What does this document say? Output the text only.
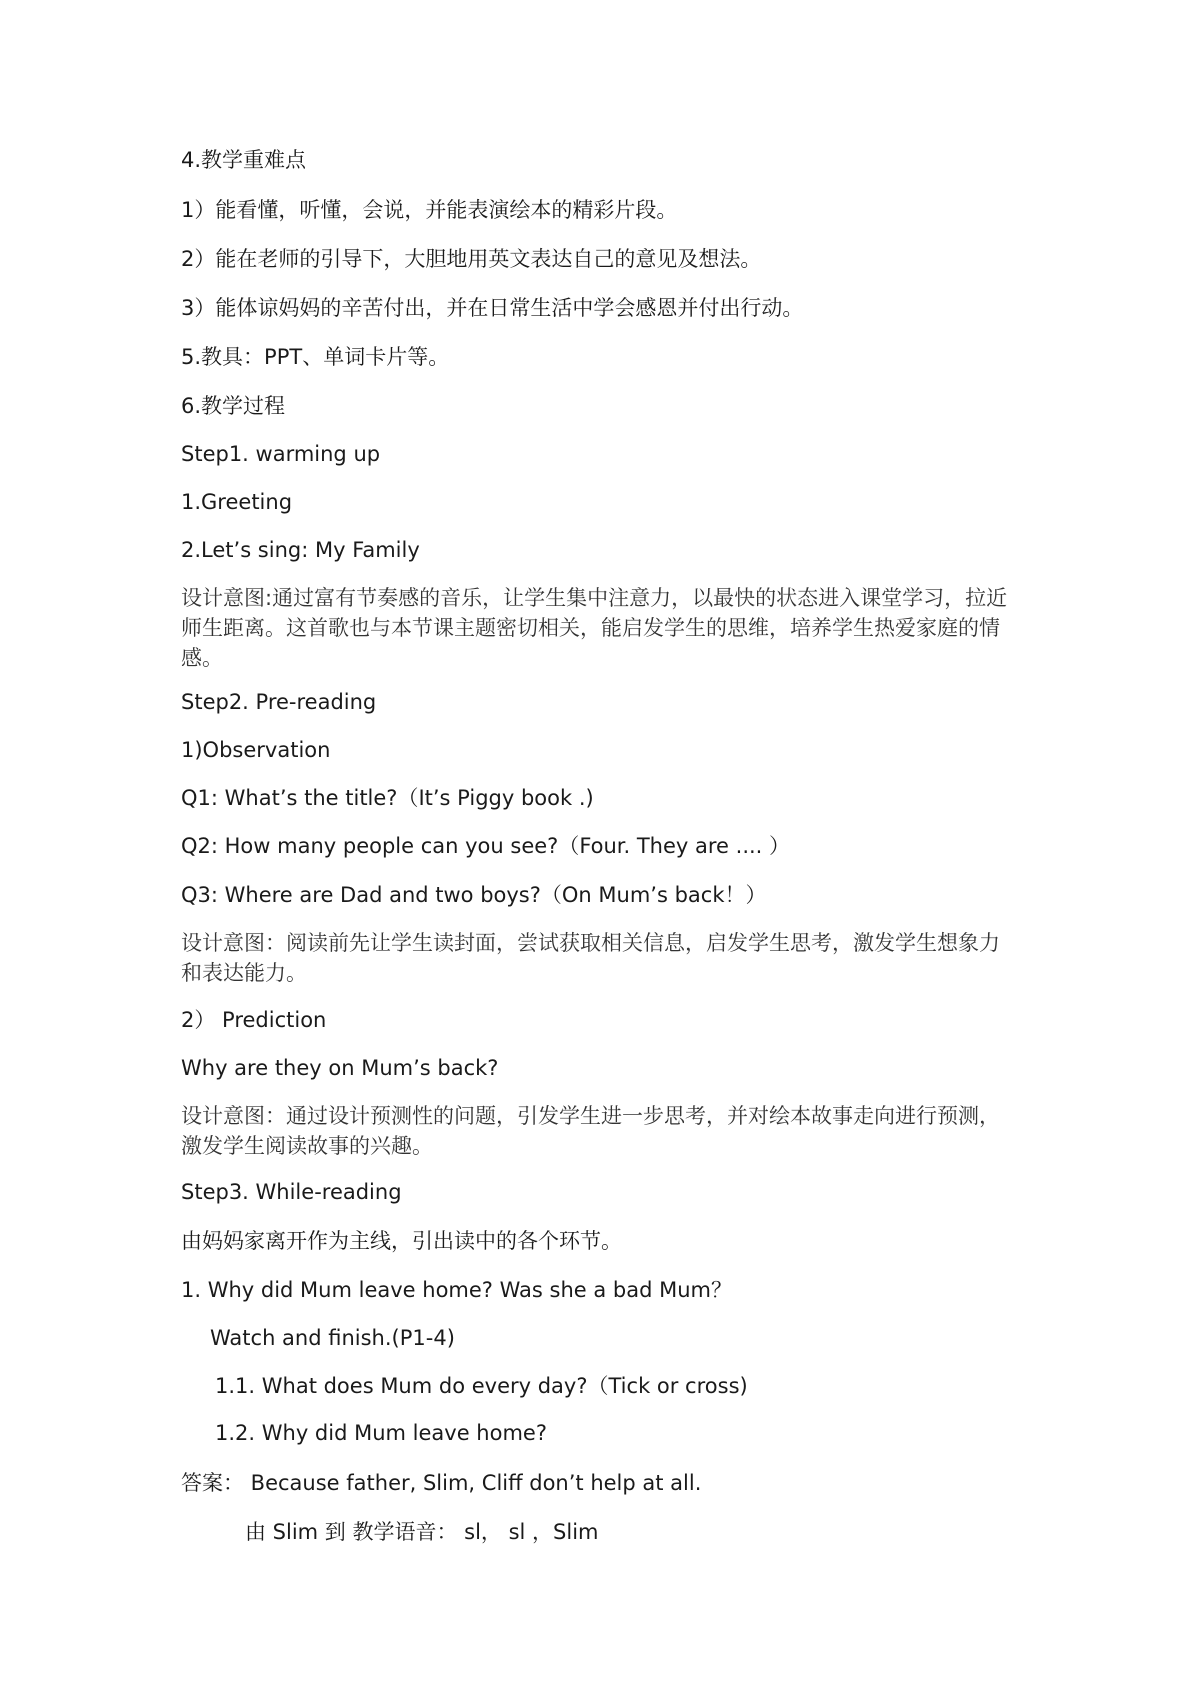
4.教学重难点
1）能看懂，听懂，会说，并能表演绘本的精彩片段。
2）能在老师的引导下，大胆地用英文表达自己的意见及想法。
3）能体谅妈妈的辛苦付出，并在日常生活中学会感恩并付出行动。
5.教具：PPT、单词卡片等。
6.教学过程
Step1. warming up
1.Greeting
2.Let’s sing: My Family
设计意图:通过富有节奏感的音乐，让学生集中注意力，以最快的状态进入课堂学习，拉近师生距离。这首歌也与本节课主题密切相关，能启发学生的思维，培养学生热爱家庭的情感。
Step2. Pre-reading
1)Observation
Q1: What’s the title?（It’s Piggy book .)
Q2: How many people can you see?（Four. They are .... ）
Q3: Where are Dad and two boys?（On Mum’s back！）
设计意图：阅读前先让学生读封面，尝试获取相关信息，启发学生思考，激发学生想象力和表达能力。
2） Prediction
Why are they on Mum’s back?
设计意图：通过设计预测性的问题，引发学生进一步思考，并对绘本故事走向进行预测，激发学生阅读故事的兴趣。
Step3. While-reading
由妈妈家离开作为主线，引出读中的各个环节。
1. Why did Mum leave home? Was she a bad Mum？
Watch and finish.(P1-4)
1.1. What does Mum do every day?（Tick or cross)
1.2. Why did Mum leave home?
答案： Because father, Slim, Cliff don’t help at all.
由 Slim 到 教学语音： sl， sl ，Slim
